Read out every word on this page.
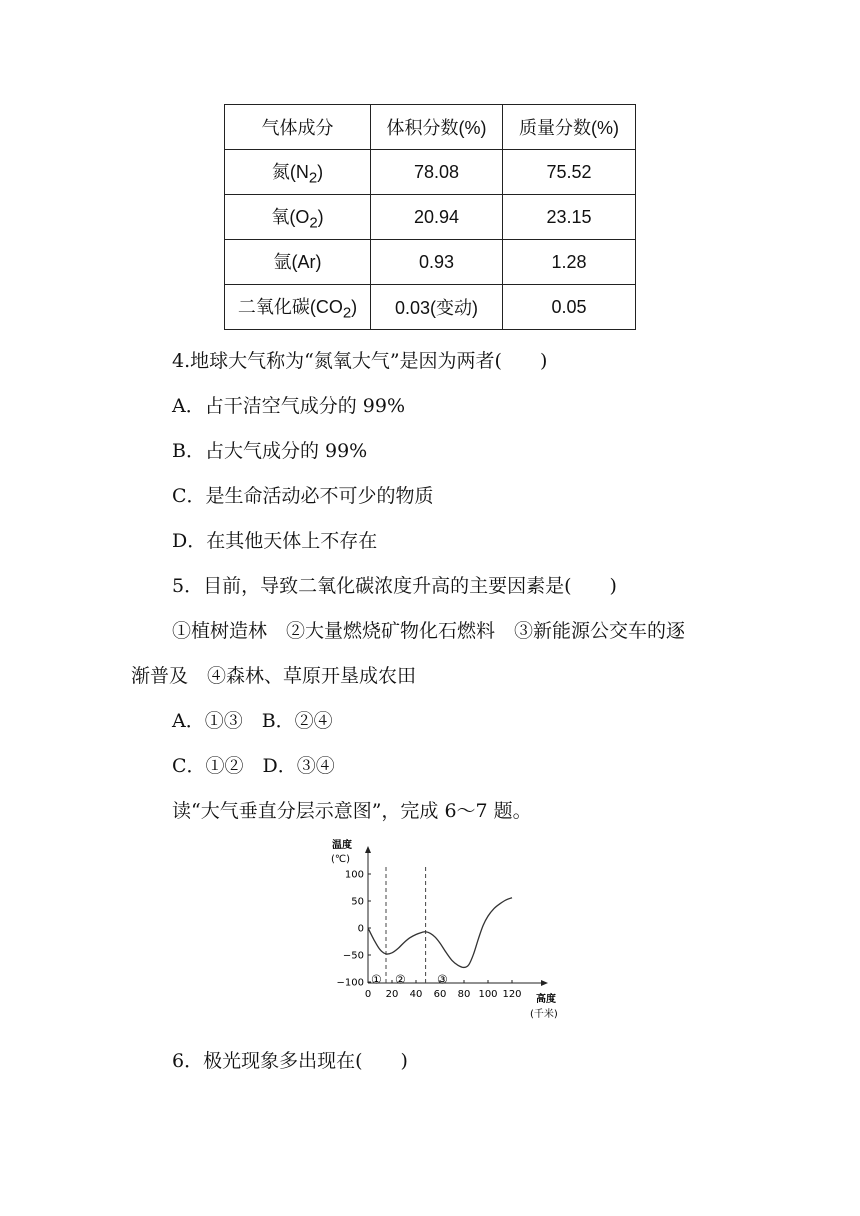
气体成分	体积分数(%)	质量分数(%)
氮$(N_2)$	78.08	75.52
氧$(O_2)$	20.94	23.15
氩(Ar)	0.93	1.28
二氧化碳$(CO_2)$	0.03(变动)	0.05
4.地球大气称为“氮氧大气”是因为两者(　　)
A．占干洁空气成分的 99%
B．占大气成分的 99%
C．是生命活动必不可少的物质
D．在其他天体上不存在
5．目前，导致二氧化碳浓度升高的主要因素是(　　)
①植树造林　②大量燃烧矿物化石燃料　③新能源公交车的逐
渐普及　④森林、草原开垦成农田
A．①③　B．②④
C．①②　D．③④
读“大气垂直分层示意图”，完成 6～7 题。
100
50
0
−50
−100
0 20 40 60 80 100 120
温度
(℃)
高度
(千米)
① ②	③
6．极光现象多出现在(　　)
